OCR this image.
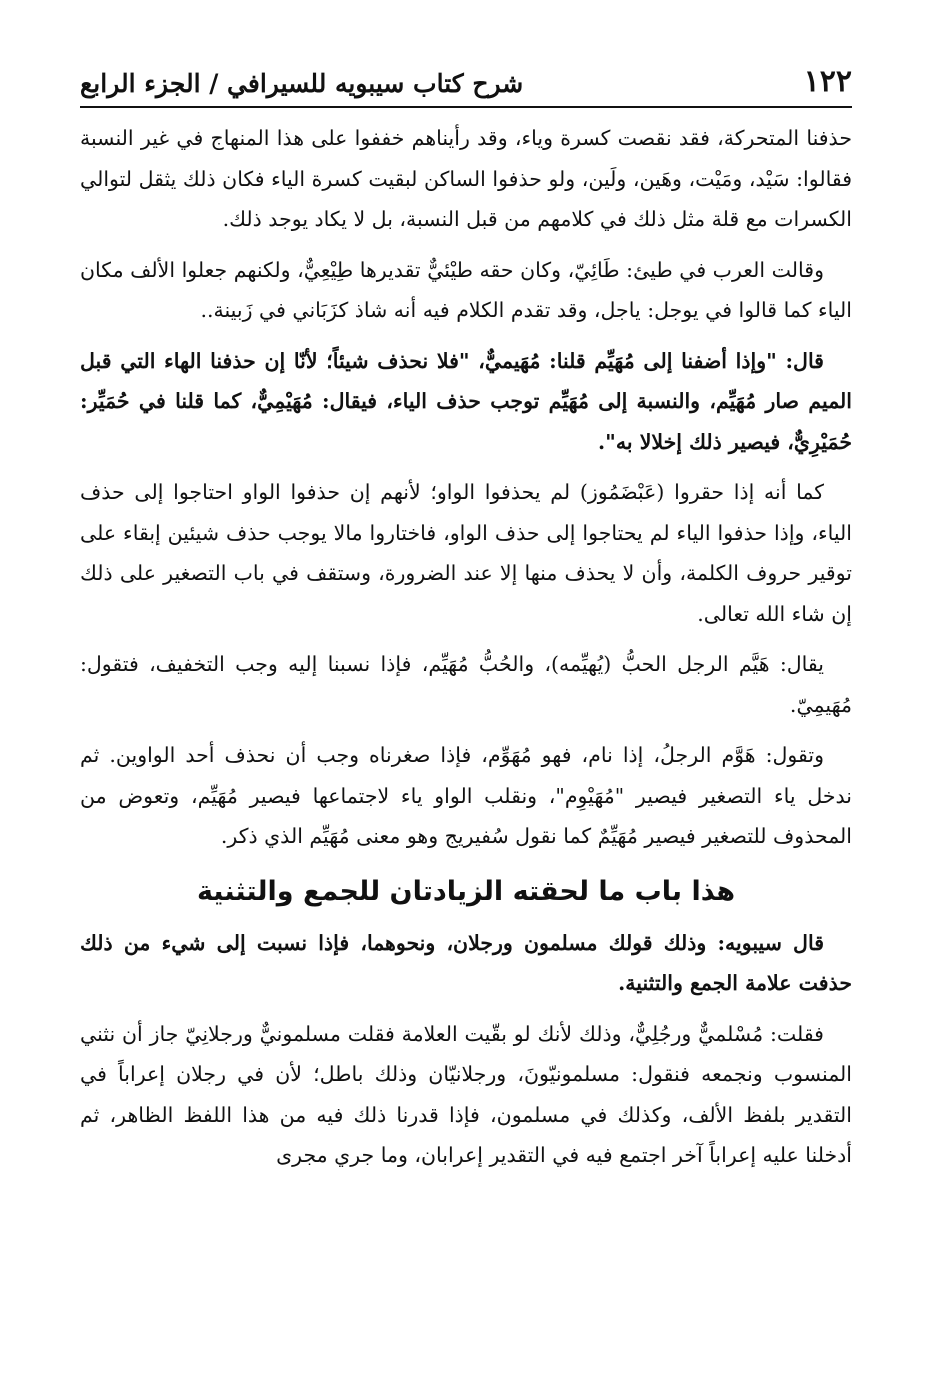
١٢٢
شرح كتاب سيبويه للسيرافي / الجزء الرابع

حذفنا المتحركة، فقد نقصت كسرة وياء، وقد رأيناهم خففوا على هذا المنهاج في غير النسبة فقالوا: سَيْد، ومَيْت، وهَين، ولَين، ولو حذفوا الساكن لبقيت كسرة الياء فكان ذلك يثقل لتوالي الكسرات مع قلة مثل ذلك في كلامهم من قبل النسبة، بل لا يكاد يوجد ذلك.

وقالت العرب في طيئ: طَائِيّ، وكان حقه طيْئيٌّ تقديرها طِيْعِيٌّ، ولكنهم جعلوا الألف مكان الياء كما قالوا في يوجل: ياجل، وقد تقدم الكلام فيه أنه شاذ كزَبَاني في زَبينة..

قال: "وإذا أضفنا إلى مُهَيِّم قلنا: مُهَيميٌّ، "فلا نحذف شيئاً؛ لأنّا إن حذفنا الهاء التي قبل الميم صار مُهَيِّم، والنسبة إلى مُهَيِّم توجب حذف الياء، فيقال: مُهَيْمِيٌّ، كما قلنا في حُمَيِّر: حُمَيْرِيٌّ، فيصير ذلك إخلالا به".

كما أنه إذا حقروا (عَبْضَمُوز) لم يحذفوا الواو؛ لأنهم إن حذفوا الواو احتاجوا إلى حذف الياء، وإذا حذفوا الياء لم يحتاجوا إلى حذف الواو، فاختاروا مالا يوجب حذف شيئين إبقاء على توقير حروف الكلمة، وأن لا يحذف منها إلا عند الضرورة، وستقف في باب التصغير على ذلك إن شاء الله تعالى.

يقال: هَيَّم الرجل الحبُّ (يُهيِّمه)، والحُبُّ مُهَيِّم، فإذا نسبنا إليه وجب التخفيف، فتقول: مُهَيمِيّ.

وتقول: هَوَّم الرجلُ، إذا نام، فهو مُهَوِّم، فإذا صغرناه وجب أن نحذف أحد الواوين. ثم ندخل ياء التصغير فيصير "مُهَيْوِم"، ونقلب الواو ياء لاجتماعها فيصير مُهَيِّم، وتعوض من المحذوف للتصغير فيصير مُهَيِّمٌ كما نقول سُفيريج وهو معنى مُهَيِّم الذي ذكر.

هذا باب ما لحقته الزيادتان للجمع والتثنية

قال سيبويه: وذلك قولك مسلمون ورجلان، ونحوهما، فإذا نسبت إلى شيء من ذلك حذفت علامة الجمع والتثنية.

فقلت: مُسْلميٌّ ورجُلِيٌّ، وذلك لأنك لو بقّيت العلامة فقلت مسلمونيٌّ ورجلانِيّ جاز أن نثني المنسوب ونجمعه فنقول: مسلمونيّونَ، ورجلانيّان وذلك باطل؛ لأن في رجلان إعراباً في التقدير بلفظ الألف، وكذلك في مسلمون، فإذا قدرنا ذلك فيه من هذا اللفظ الظاهر، ثم أدخلنا عليه إعراباً آخر اجتمع فيه في التقدير إعرابان، وما جري مجرى
